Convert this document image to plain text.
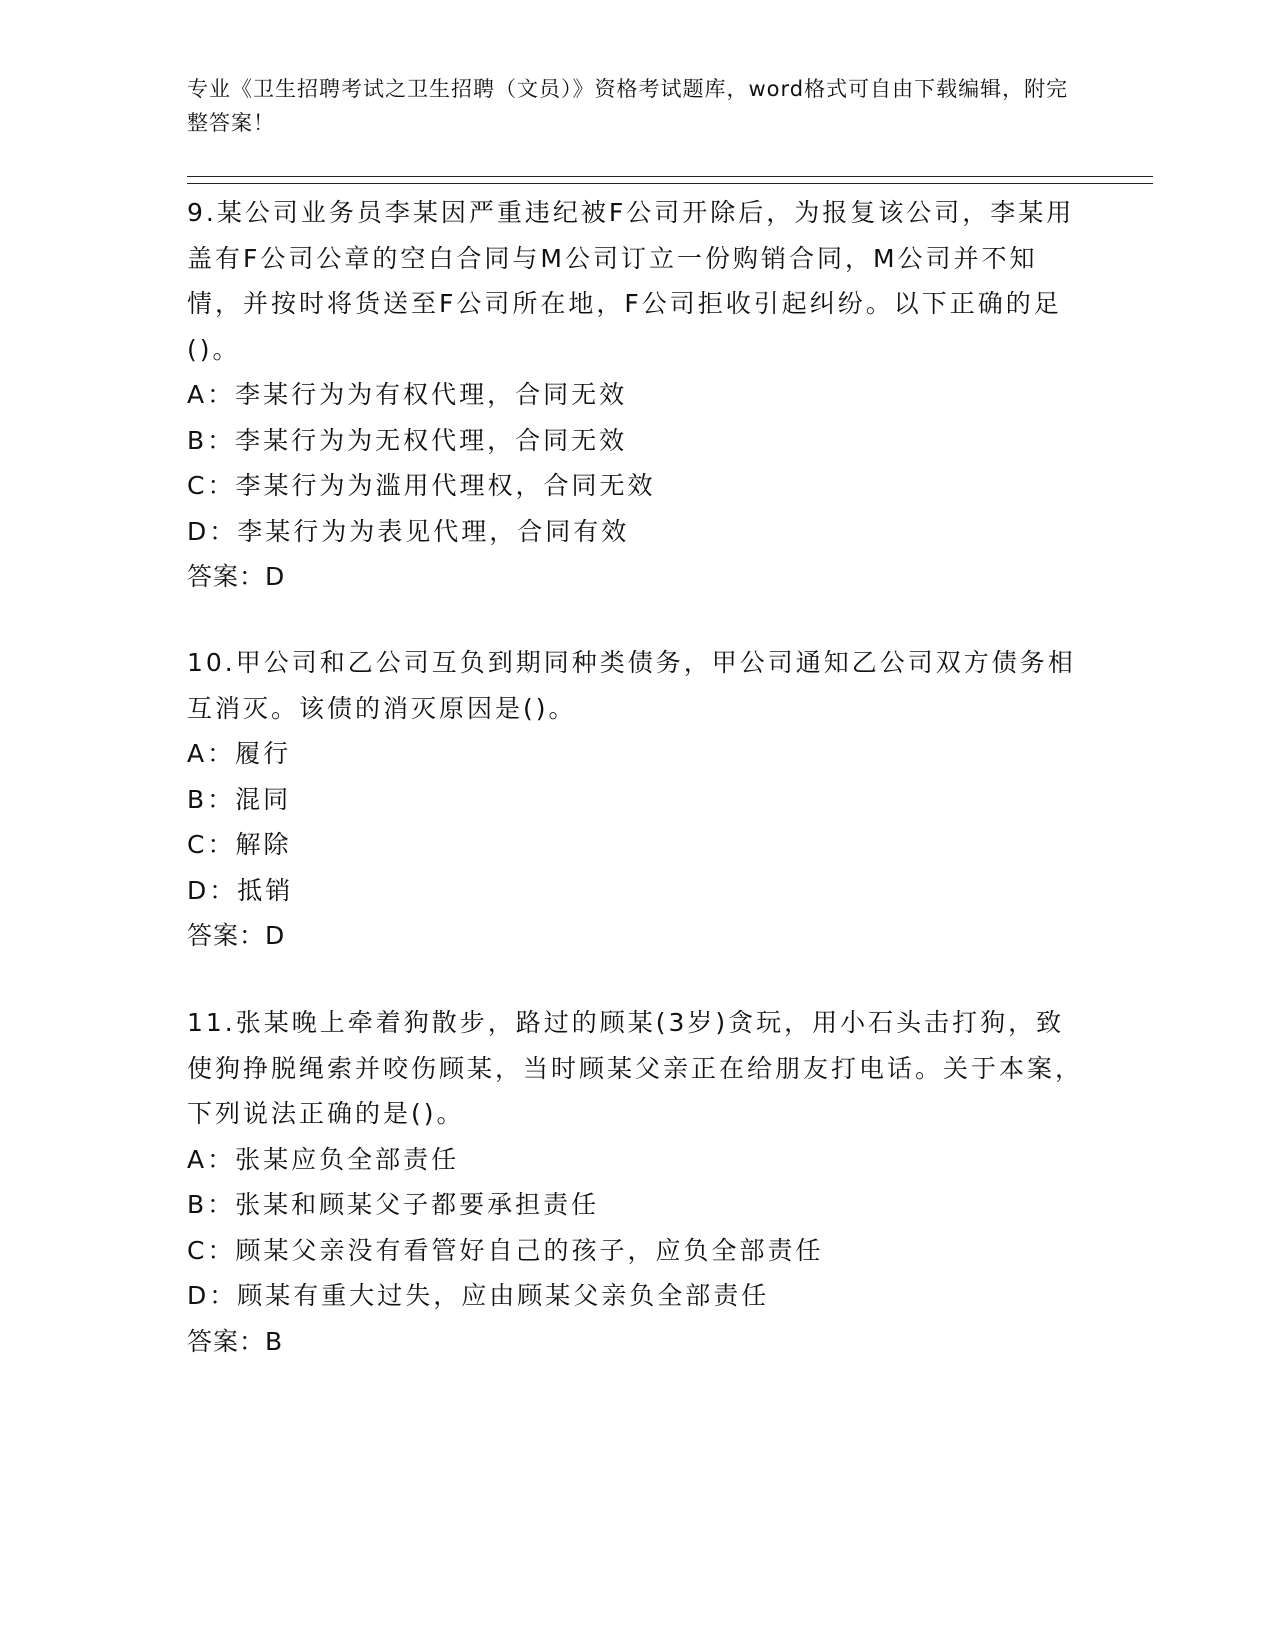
专业《卫生招聘考试之卫生招聘（文员）》资格考试题库，word格式可自由下载编辑，附完整答案！

9.某公司业务员李某因严重违纪被F公司开除后，为报复该公司，李某用盖有F公司公章的空白合同与M公司订立一份购销合同，M公司并不知情，并按时将货送至F公司所在地，F公司拒收引起纠纷。以下正确的足()。

A：李某行为为有权代理，合同无效
B：李某行为为无权代理，合同无效
C：李某行为为滥用代理权，合同无效
D：李某行为为表见代理，合同有效
答案：D

10.甲公司和乙公司互负到期同种类债务，甲公司通知乙公司双方债务相互消灭。该债的消灭原因是()。

A：履行
B：混同
C：解除
D：抵销
答案：D

11.张某晚上牵着狗散步，路过的顾某(3岁)贪玩，用小石头击打狗，致使狗挣脱绳索并咬伤顾某，当时顾某父亲正在给朋友打电话。关于本案，下列说法正确的是()。

A：张某应负全部责任
B：张某和顾某父子都要承担责任
C：顾某父亲没有看管好自己的孩子，应负全部责任
D：顾某有重大过失，应由顾某父亲负全部责任
答案：B
